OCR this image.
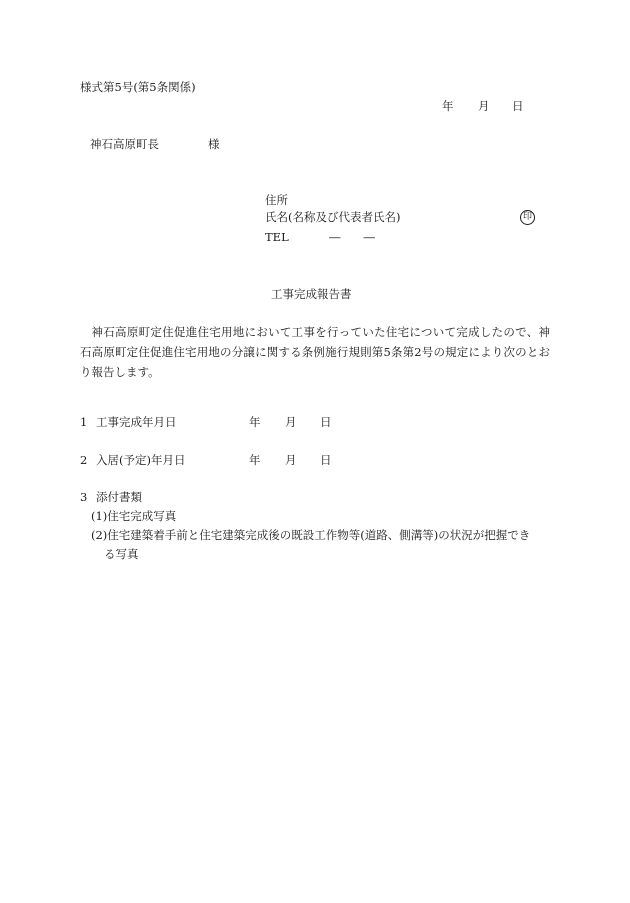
様式第5号(第5条関係)
年 月 日
神石高原町長	様
住所
氏名(名称及び代表者氏名)	印
TEL	―　　―
工事完成報告書
神石高原町定住促進住宅用地において工事を行っていた住宅について完成したので、神石高原町定住促進住宅用地の分譲に関する条例施行規則第5条第2号の規定により次のとおり報告します。
1 工事完成年月日	年 月 日
2 入居(予定)年月日	年 月 日
3 添付書類
(1)住宅完成写真
(2)住宅建築着手前と住宅建築完成後の既設工作物等(道路、側溝等)の状況が把握でき
る写真
